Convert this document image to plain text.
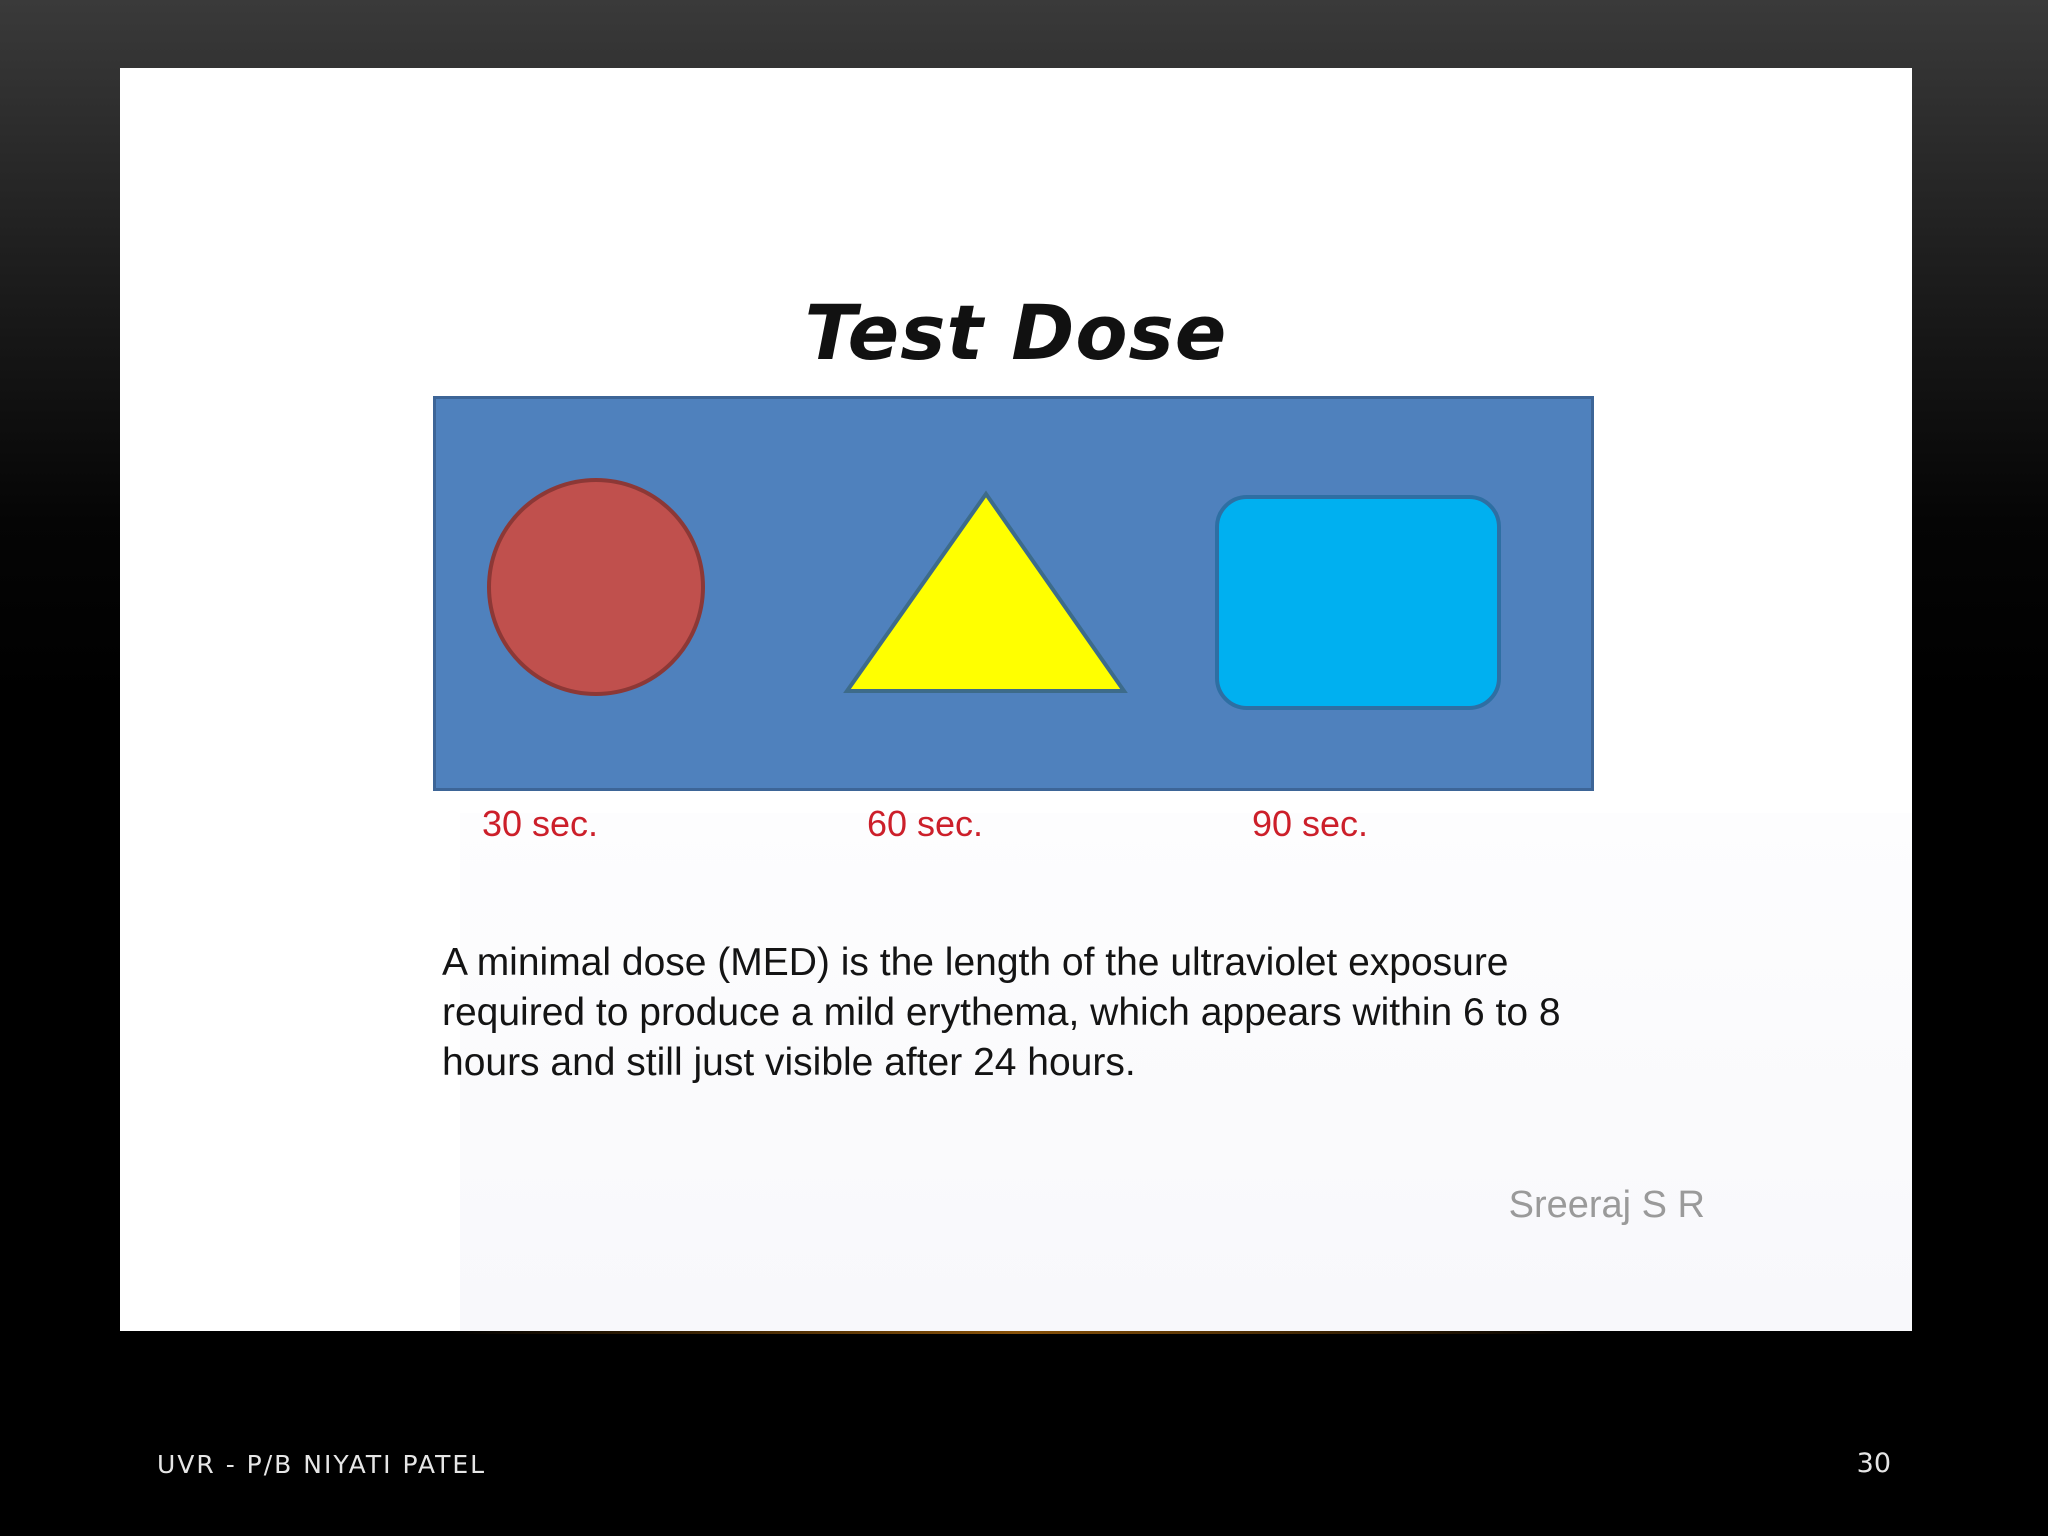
Test Dose
30 sec.	60 sec.	90 sec.

A minimal dose (MED) is the length of the ultraviolet exposure required to produce a mild erythema, which appears within 6 to 8 hours and still just visible after 24 hours.

Sreeraj S R
UVR - P/B NIYATI PATEL	30
